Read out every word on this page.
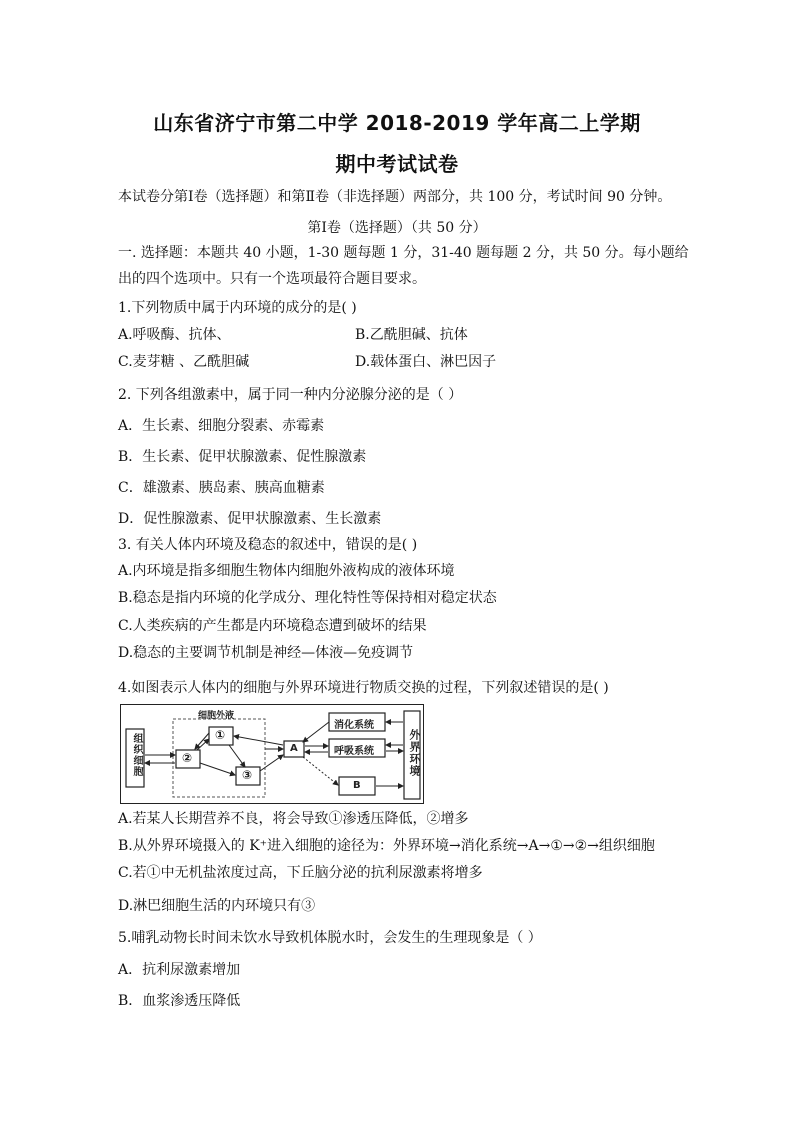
山东省济宁市第二中学 2018-2019 学年高二上学期
期中考试试卷
本试卷分第Ⅰ卷（选择题）和第Ⅱ卷（非选择题）两部分，共 100 分，考试时间 90 分钟。
第Ⅰ卷（选择题）（共 50 分）
一. 选择题：本题共 40 小题，1-30 题每题 1 分，31-40 题每题 2 分，共 50 分。每小题给
出的四个选项中。只有一个选项最符合题目要求。
1.下列物质中属于内环境的成分的是( )
A.呼吸酶、抗体、	B.乙酰胆碱、抗体
C.麦芽糖 、乙酰胆碱	D.载体蛋白、淋巴因子
2. 下列各组激素中，属于同一种内分泌腺分泌的是（ ）
A．生长素、细胞分裂素、赤霉素
B．生长素、促甲状腺激素、促性腺激素
C．雄激素、胰岛素、胰高血糖素
D．促性腺激素、促甲状腺激素、生长激素
3. 有关人体内环境及稳态的叙述中，错误的是( )
A.内环境是指多细胞生物体内细胞外液构成的液体环境
B.稳态是指内环境的化学成分、理化特性等保持相对稳定状态
C.人类疾病的产生都是内环境稳态遭到破坏的结果
D.稳态的主要调节机制是神经—体液—免疫调节
4.如图表示人体内的细胞与外界环境进行物质交换的过程，下列叙述错误的是( )
组织细胞
细胞外液
②
①
③
A
消化系统
呼吸系统
B
外界环境
A.若某人长期营养不良，将会导致①渗透压降低，②增多
B.从外界环境摄入的 K⁺进入细胞的途径为：外界环境→消化系统→A→①→②→组织细胞
C.若①中无机盐浓度过高，下丘脑分泌的抗利尿激素将增多
D.淋巴细胞生活的内环境只有③
5.哺乳动物长时间未饮水导致机体脱水时，会发生的生理现象是（ ）
A．抗利尿激素增加
B．血浆渗透压降低
